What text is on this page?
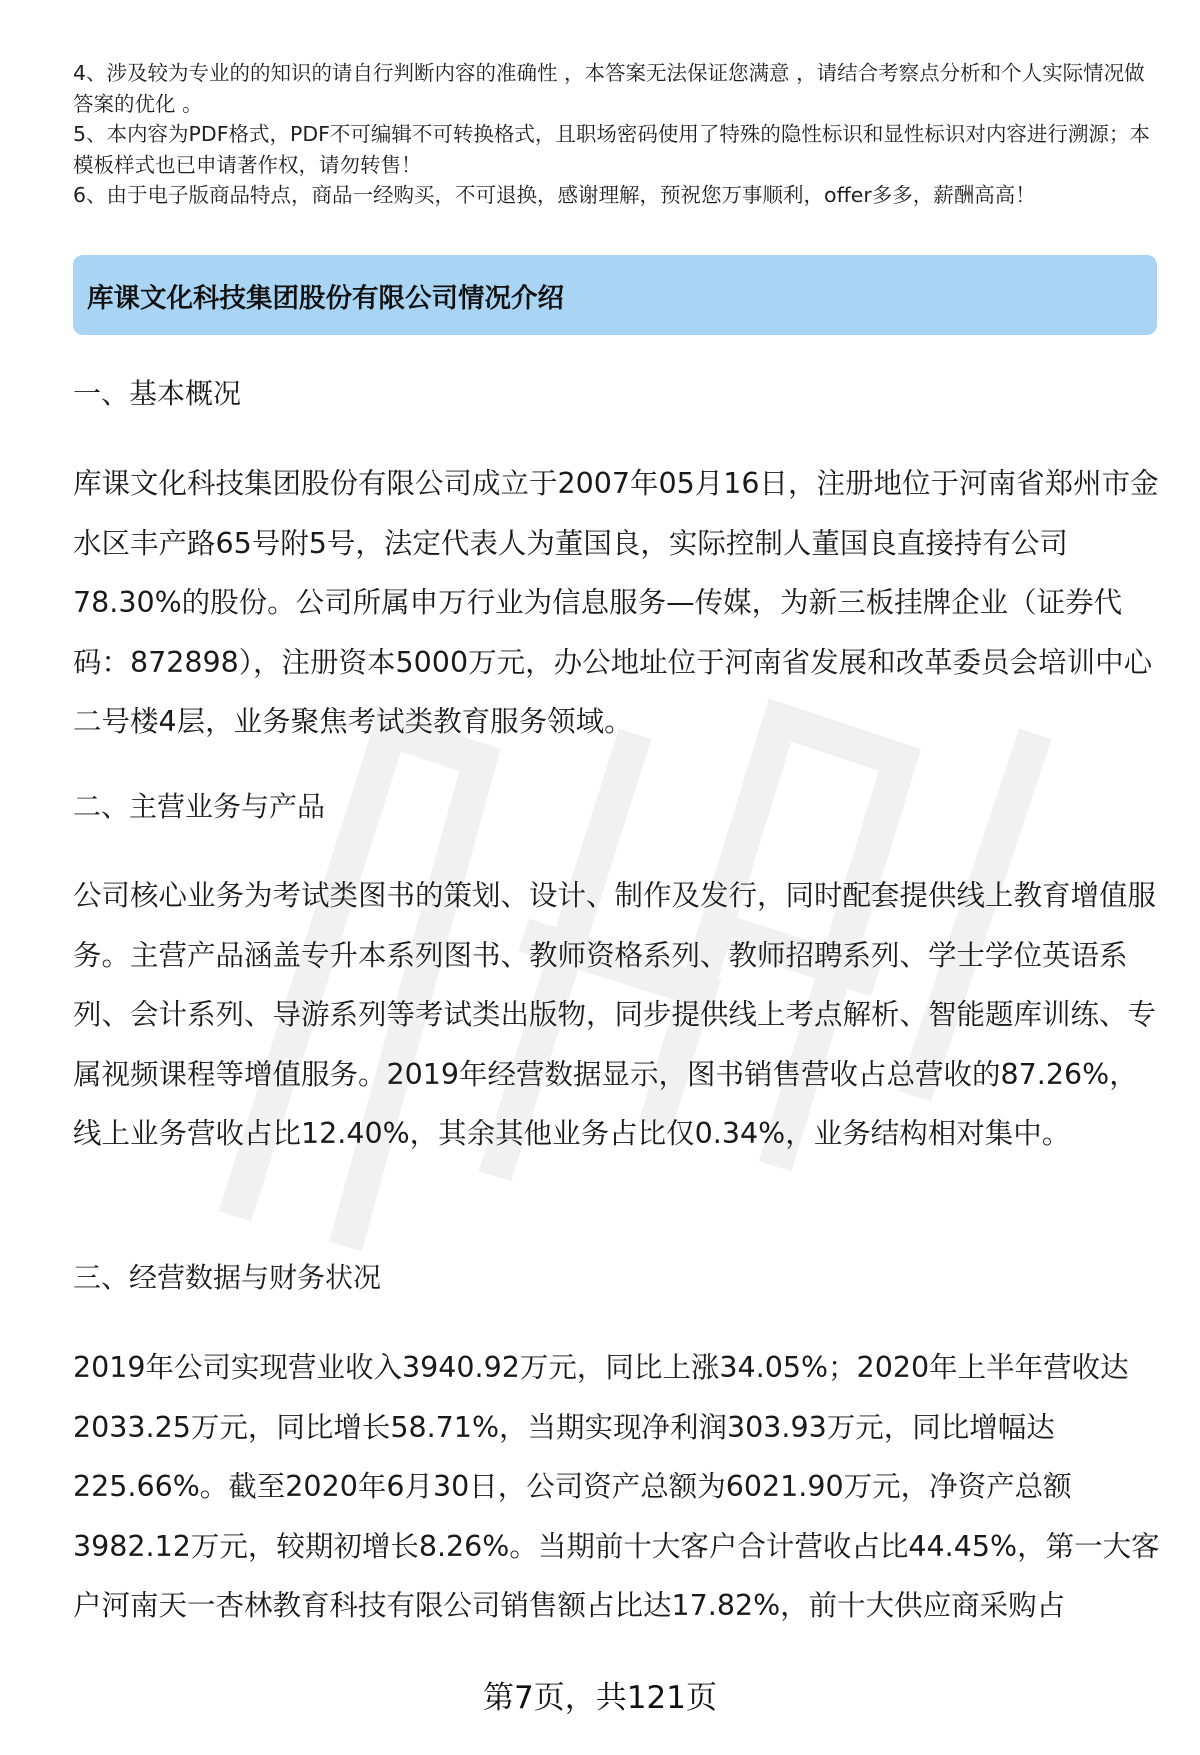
4、涉及较为专业的的知识的请自行判断内容的准确性 ，本答案无法保证您满意 ，请结合考察点分析和个人实际情况做答案的优化 。

5、本内容为PDF格式，PDF不可编辑不可转换格式，且职场密码使用了特殊的隐性标识和显性标识对内容进行溯源；本模板样式也已申请著作权，请勿转售！

6、由于电子版商品特点，商品一经购买，不可退换，感谢理解，预祝您万事顺利，offer多多，薪酬高高！

库课文化科技集团股份有限公司情况介绍
一、基本概况

库课文化科技集团股份有限公司成立于2007年05月16日，注册地位于河南省郑州市金水区丰产路65号附5号，法定代表人为董国良，实际控制人董国良直接持有公司78.30%的股份。公司所属申万行业为信息服务—传媒，为新三板挂牌企业（证券代码：872898），注册资本5000万元，办公地址位于河南省发展和改革委员会培训中心二号楼4层，业务聚焦考试类教育服务领域。

二、主营业务与产品

公司核心业务为考试类图书的策划、设计、制作及发行，同时配套提供线上教育增值服务。主营产品涵盖专升本系列图书、教师资格系列、教师招聘系列、学士学位英语系列、会计系列、导游系列等考试类出版物，同步提供线上考点解析、智能题库训练、专属视频课程等增值服务。2019年经营数据显示，图书销售营收占总营收的87.26%，线上业务营收占比12.40%，其余其他业务占比仅0.34%，业务结构相对集中。

三、经营数据与财务状况

2019年公司实现营业收入3940.92万元，同比上涨34.05%；2020年上半年营收达2033.25万元，同比增长58.71%，当期实现净利润303.93万元，同比增幅达225.66%。截至2020年6月30日，公司资产总额为6021.90万元，净资产总额3982.12万元，较期初增长8.26%。当期前十大客户合计营收占比44.45%，第一大客户河南天一杏林教育科技有限公司销售额占比达17.82%，前十大供应商采购占

第7页，共121页
